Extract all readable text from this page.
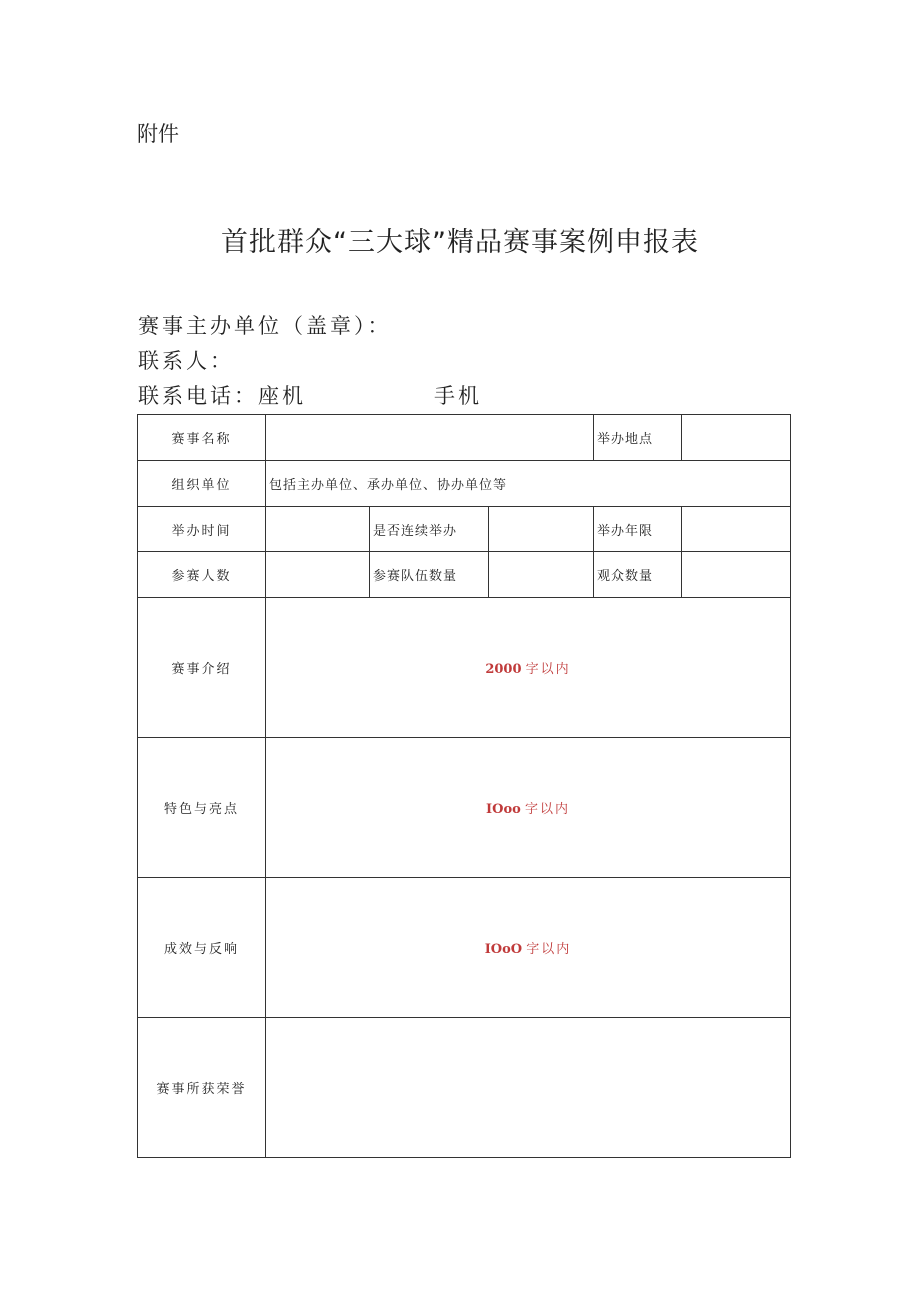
附件
首批群众“三大球”精品赛事案例申报表
赛事主办单位（盖章）：
联系人：
联系电话：座机	手机
赛事名称				举办地点	
组织单位	包括主办单位、承办单位、协办单位等				
举办时间		是否连续举办		举办年限	
参赛人数		参赛队伍数量		观众数量	
赛事介绍	2000 字以内				
特色与亮点	IOoo 字以内				
成效与反响	IOoO 字以内				
赛事所获荣誉					
